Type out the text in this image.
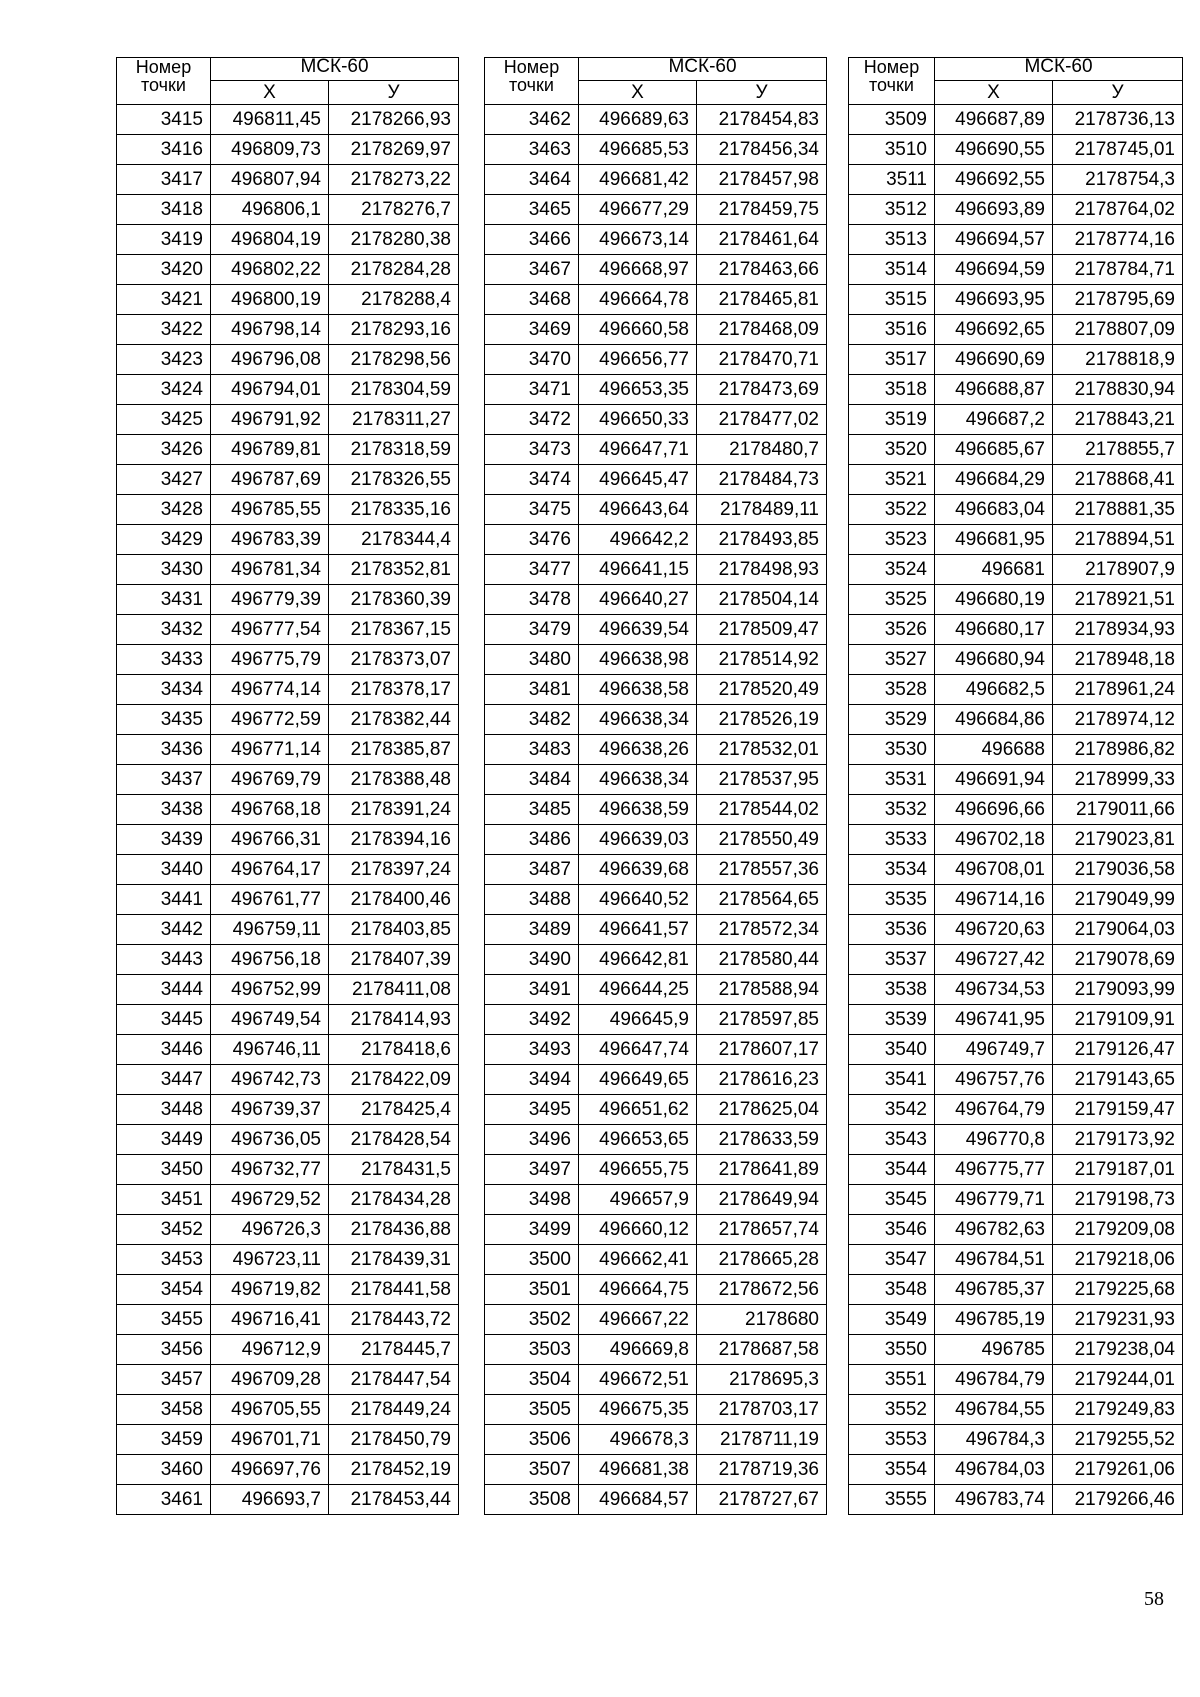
Номер точки	МСК-60	
	Х	У
3415	496811,45	2178266,93
3416	496809,73	2178269,97
3417	496807,94	2178273,22
3418	496806,1	2178276,7
3419	496804,19	2178280,38
3420	496802,22	2178284,28
3421	496800,19	2178288,4
3422	496798,14	2178293,16
3423	496796,08	2178298,56
3424	496794,01	2178304,59
3425	496791,92	2178311,27
3426	496789,81	2178318,59
3427	496787,69	2178326,55
3428	496785,55	2178335,16
3429	496783,39	2178344,4
3430	496781,34	2178352,81
3431	496779,39	2178360,39
3432	496777,54	2178367,15
3433	496775,79	2178373,07
3434	496774,14	2178378,17
3435	496772,59	2178382,44
3436	496771,14	2178385,87
3437	496769,79	2178388,48
3438	496768,18	2178391,24
3439	496766,31	2178394,16
3440	496764,17	2178397,24
3441	496761,77	2178400,46
3442	496759,11	2178403,85
3443	496756,18	2178407,39
3444	496752,99	2178411,08
3445	496749,54	2178414,93
3446	496746,11	2178418,6
3447	496742,73	2178422,09
3448	496739,37	2178425,4
3449	496736,05	2178428,54
3450	496732,77	2178431,5
3451	496729,52	2178434,28
3452	496726,3	2178436,88
3453	496723,11	2178439,31
3454	496719,82	2178441,58
3455	496716,41	2178443,72
3456	496712,9	2178445,7
3457	496709,28	2178447,54
3458	496705,55	2178449,24
3459	496701,71	2178450,79
3460	496697,76	2178452,19
3461	496693,7	2178453,44
Номер точки	МСК-60	
	Х	У
3462	496689,63	2178454,83
3463	496685,53	2178456,34
3464	496681,42	2178457,98
3465	496677,29	2178459,75
3466	496673,14	2178461,64
3467	496668,97	2178463,66
3468	496664,78	2178465,81
3469	496660,58	2178468,09
3470	496656,77	2178470,71
3471	496653,35	2178473,69
3472	496650,33	2178477,02
3473	496647,71	2178480,7
3474	496645,47	2178484,73
3475	496643,64	2178489,11
3476	496642,2	2178493,85
3477	496641,15	2178498,93
3478	496640,27	2178504,14
3479	496639,54	2178509,47
3480	496638,98	2178514,92
3481	496638,58	2178520,49
3482	496638,34	2178526,19
3483	496638,26	2178532,01
3484	496638,34	2178537,95
3485	496638,59	2178544,02
3486	496639,03	2178550,49
3487	496639,68	2178557,36
3488	496640,52	2178564,65
3489	496641,57	2178572,34
3490	496642,81	2178580,44
3491	496644,25	2178588,94
3492	496645,9	2178597,85
3493	496647,74	2178607,17
3494	496649,65	2178616,23
3495	496651,62	2178625,04
3496	496653,65	2178633,59
3497	496655,75	2178641,89
3498	496657,9	2178649,94
3499	496660,12	2178657,74
3500	496662,41	2178665,28
3501	496664,75	2178672,56
3502	496667,22	2178680
3503	496669,8	2178687,58
3504	496672,51	2178695,3
3505	496675,35	2178703,17
3506	496678,3	2178711,19
3507	496681,38	2178719,36
3508	496684,57	2178727,67
Номер точки	МСК-60	
	Х	У
3509	496687,89	2178736,13
3510	496690,55	2178745,01
3511	496692,55	2178754,3
3512	496693,89	2178764,02
3513	496694,57	2178774,16
3514	496694,59	2178784,71
3515	496693,95	2178795,69
3516	496692,65	2178807,09
3517	496690,69	2178818,9
3518	496688,87	2178830,94
3519	496687,2	2178843,21
3520	496685,67	2178855,7
3521	496684,29	2178868,41
3522	496683,04	2178881,35
3523	496681,95	2178894,51
3524	496681	2178907,9
3525	496680,19	2178921,51
3526	496680,17	2178934,93
3527	496680,94	2178948,18
3528	496682,5	2178961,24
3529	496684,86	2178974,12
3530	496688	2178986,82
3531	496691,94	2178999,33
3532	496696,66	2179011,66
3533	496702,18	2179023,81
3534	496708,01	2179036,58
3535	496714,16	2179049,99
3536	496720,63	2179064,03
3537	496727,42	2179078,69
3538	496734,53	2179093,99
3539	496741,95	2179109,91
3540	496749,7	2179126,47
3541	496757,76	2179143,65
3542	496764,79	2179159,47
3543	496770,8	2179173,92
3544	496775,77	2179187,01
3545	496779,71	2179198,73
3546	496782,63	2179209,08
3547	496784,51	2179218,06
3548	496785,37	2179225,68
3549	496785,19	2179231,93
3550	496785	2179238,04
3551	496784,79	2179244,01
3552	496784,55	2179249,83
3553	496784,3	2179255,52
3554	496784,03	2179261,06
3555	496783,74	2179266,46
58
